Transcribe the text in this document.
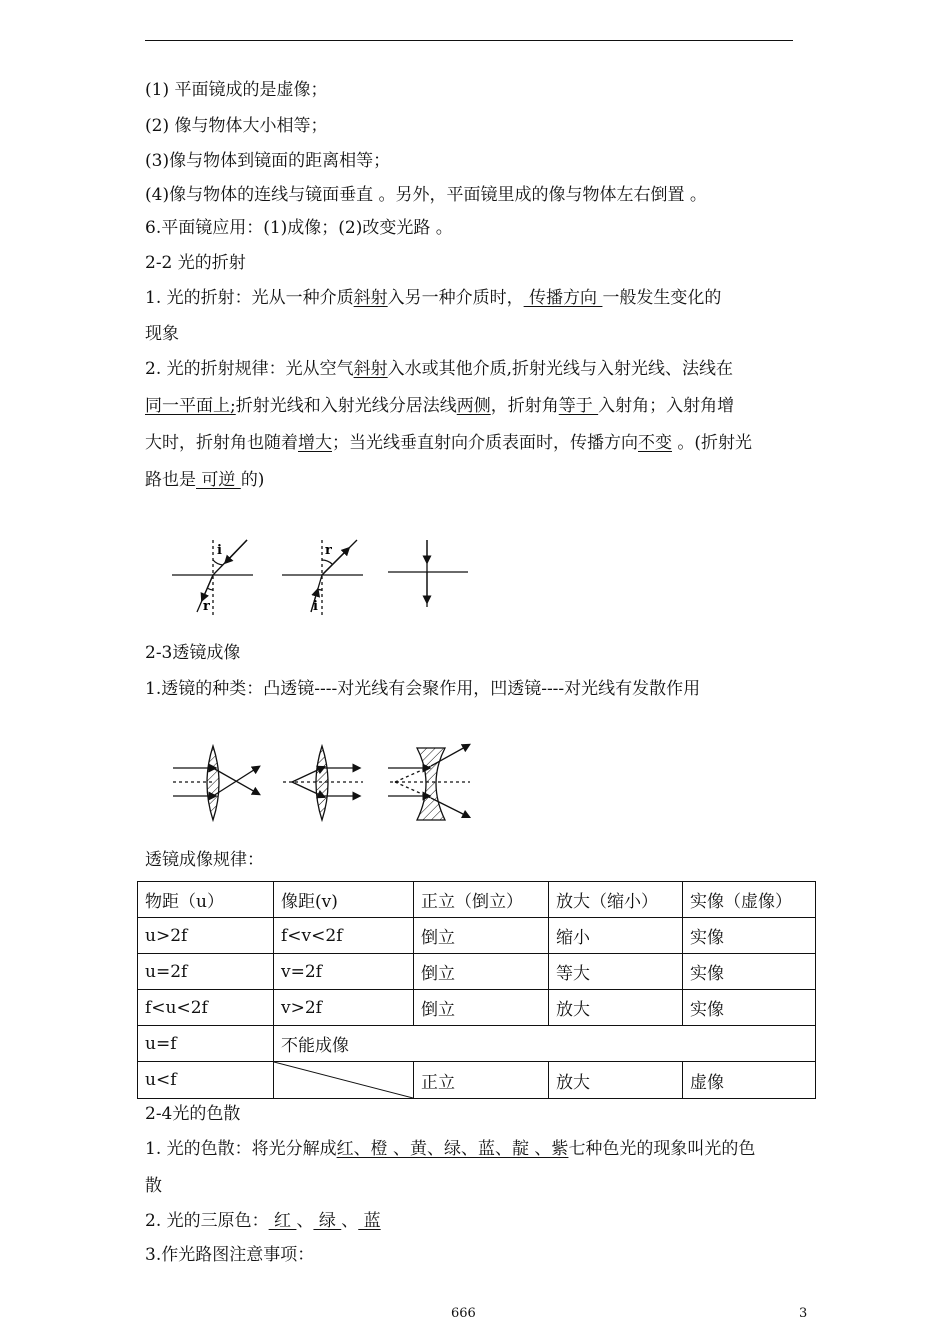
(1) 平面镜成的是虚像；
(2) 像与物体大小相等；
(3)像与物体到镜面的距离相等；
(4)像与物体的连线与镜面垂直 。另外，平面镜里成的像与物体左右倒置 。
6.平面镜应用：(1)成像；(2)改变光路 。
2-2 光的折射
1. 光的折射：光从一种介质斜射入另一种介质时， 传播方向 一般发生变化的
现象
2. 光的折射规律：光从空气斜射入水或其他介质,折射光线与入射光线、法线在
同一平面上;折射光线和入射光线分居法线两侧，折射角等于 入射角；入射角增
大时，折射角也随着增大；当光线垂直射向介质表面时，传播方向不变 。(折射光
路也是 可逆 的)
i
r
r
i
2-3透镜成像
1.透镜的种类：凸透镜----对光线有会聚作用，凹透镜----对光线有发散作用
透镜成像规律：
物距（u）	像距(v)	正立（倒立）	放大（缩小）	实像（虚像）
u>2f	f<v<2f	倒立	缩小	实像
u=2f	v=2f	倒立	等大	实像
f<u<2f	v>2f	倒立	放大	实像
u=f	不能成像			
u<f		正立	放大	虚像
2-4光的色散
1. 光的色散：将光分解成红、橙 、黄、绿、蓝、靛 、紫七种色光的现象叫光的色
散
2. 光的三原色： 红 、 绿 、 蓝
3.作光路图注意事项：
666	3
